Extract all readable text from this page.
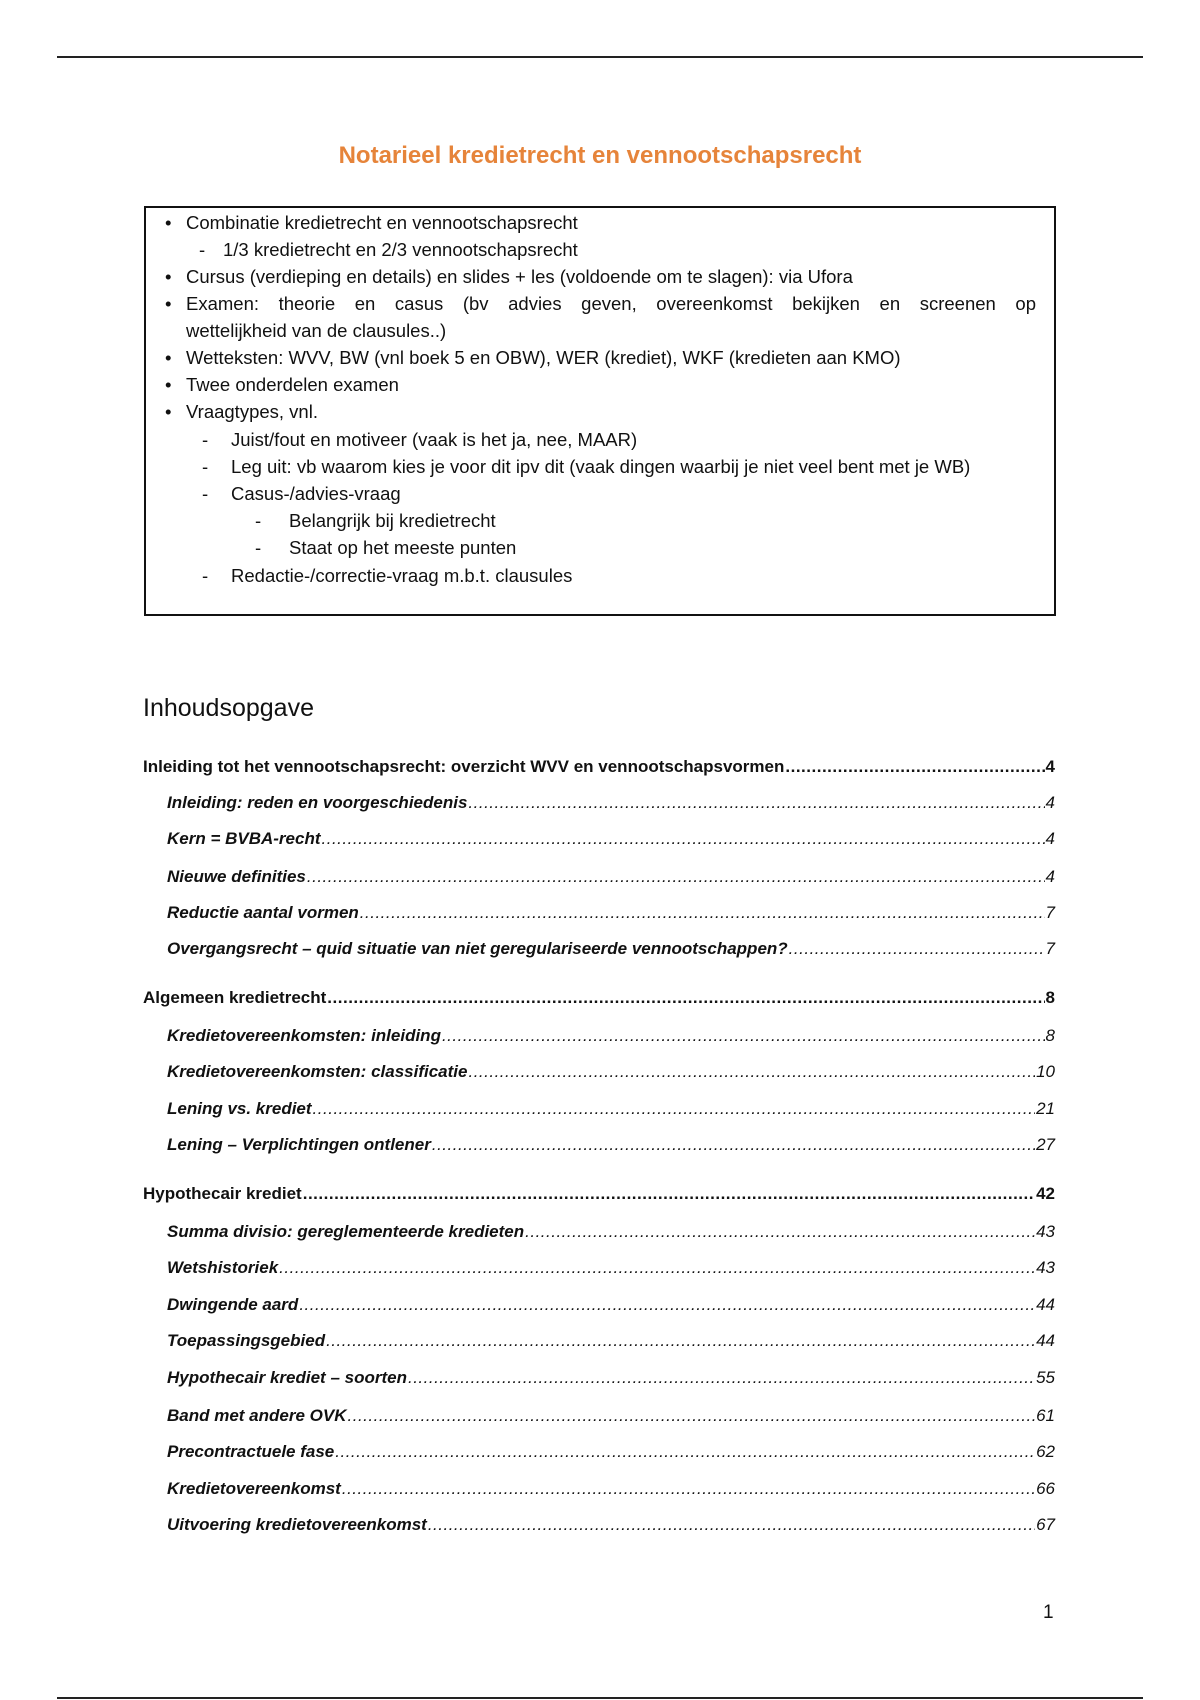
Notarieel kredietrecht en vennootschapsrecht
• Combinatie kredietrecht en vennootschapsrecht
- 1/3 kredietrecht en 2/3 vennootschapsrecht
• Cursus (verdieping en details) en slides + les (voldoende om te slagen): via Ufora
• Examen: theorie en casus (bv advies geven, overeenkomst bekijken en screenen op
wettelijkheid van de clausules..)
• Wetteksten: WVV, BW (vnl boek 5 en OBW), WER (krediet), WKF (kredieten aan KMO)
• Twee onderdelen examen
• Vraagtypes, vnl.
- Juist/fout en motiveer (vaak is het ja, nee, MAAR)
- Leg uit: vb waarom kies je voor dit ipv dit (vaak dingen waarbij je niet veel bent met je WB)
- Casus-/advies-vraag
- Belangrijk bij kredietrecht
- Staat op het meeste punten
- Redactie-/correctie-vraag m.b.t. clausules
Inhoudsopgave
Inleiding tot het vennootschapsrecht: overzicht WVV en vennootschapsvormen .....	4
Inleiding: reden en voorgeschiedenis .....	4
Kern = BVBA-recht .....	4
Nieuwe definities .....	4
Reductie aantal vormen .....	7
Overgangsrecht – quid situatie van niet geregulariseerde vennootschappen? .....	7
Algemeen kredietrecht .....	8
Kredietovereenkomsten: inleiding .....	8
Kredietovereenkomsten: classificatie .....	10
Lening vs. krediet .....	21
Lening – Verplichtingen ontlener .....	27
Hypothecair krediet .....	42
Summa divisio: gereglementeerde kredieten .....	43
Wetshistoriek .....	43
Dwingende aard .....	44
Toepassingsgebied .....	44
Hypothecair krediet – soorten .....	55
Band met andere OVK .....	61
Precontractuele fase .....	62
Kredietovereenkomst .....	66
Uitvoering kredietovereenkomst .....	67
1
